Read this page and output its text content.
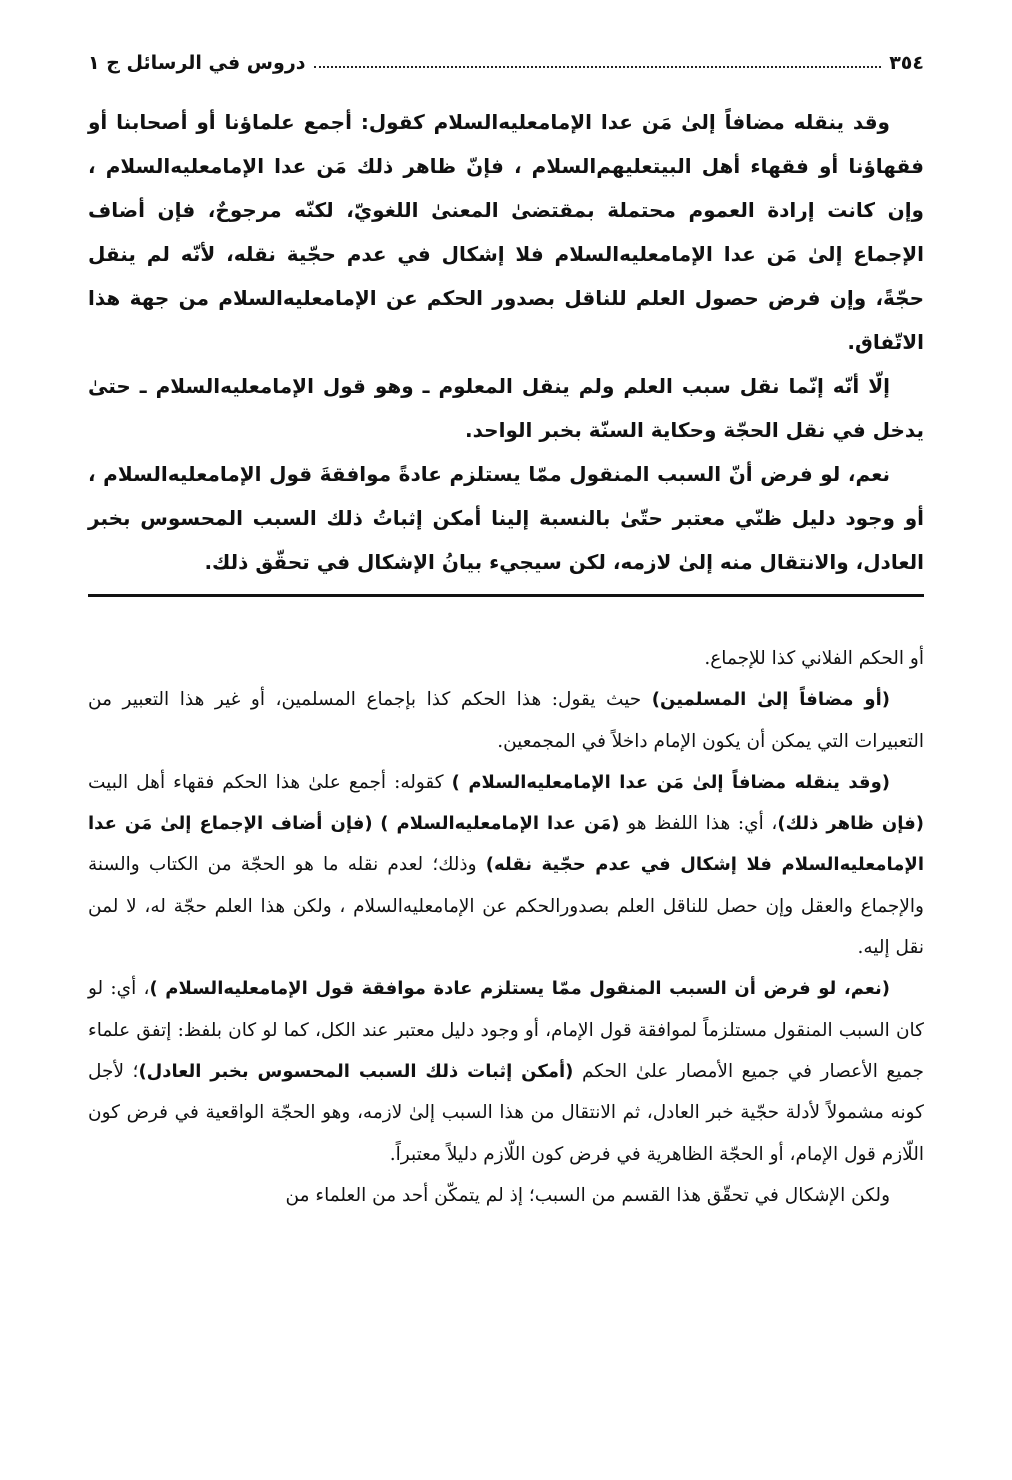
٣٥٤
دروس في الرسائل ج ١

وقد ينقله مضافاً إلىٰ مَن عدا الإمامعليه‌السلام كقول: أجمع علماؤنا أو أصحابنا أو فقهاؤنا أو فقهاء أهل البيتعليهم‌السلام ، فإنّ ظاهر ذلك مَن عدا الإمامعليه‌السلام ، وإن كانت إرادة العموم محتملة بمقتضىٰ المعنىٰ اللغويّ، لكنّه مرجوحٌ، فإن أضاف الإجماع إلىٰ مَن عدا الإمامعليه‌السلام فلا إشكال في عدم حجّية نقله، لأنّه لم ينقل حجّةً، وإن فرض حصول العلم للناقل بصدور الحكم عن الإمامعليه‌السلام من جهة هذا الاتّفاق.

إلّا أنّه إنّما نقل سبب العلم ولم ينقل المعلوم ـ وهو قول الإمامعليه‌السلام ـ حتىٰ يدخل في نقل الحجّة وحكاية السنّة بخبر الواحد.

نعم، لو فرض أنّ السبب المنقول ممّا يستلزم عادةً موافقةَ قول الإمامعليه‌السلام ، أو وجود دليل ظنّي معتبر حتّىٰ بالنسبة إلينا أمكن إثباتُ ذلك السبب المحسوس بخبر العادل، والانتقال منه إلىٰ لازمه، لكن سيجيء بيانُ الإشكال في تحقّق ذلك.

أو الحكم الفلاني كذا للإجماع.

(أو مضافاً إلىٰ المسلمين) حيث يقول: هذا الحكم كذا بإجماع المسلمين، أو غير هذا التعبير من التعبيرات التي يمكن أن يكون الإمام داخلاً في المجمعين.

(وقد ينقله مضافاً إلىٰ مَن عدا الإمامعليه‌السلام ) كقوله: أجمع علىٰ هذا الحكم فقهاء أهل البيت (فإن ظاهر ذلك)، أي: هذا اللفظ هو (مَن عدا الإمامعليه‌السلام ) (فإن أضاف الإجماع إلىٰ مَن عدا الإمامعليه‌السلام فلا إشكال في عدم حجّية نقله) وذلك؛ لعدم نقله ما هو الحجّة من الكتاب والسنة والإجماع والعقل وإن حصل للناقل العلم بصدورالحكم عن الإمامعليه‌السلام ، ولكن هذا العلم حجّة له، لا لمن نقل إليه.

(نعم، لو فرض أن السبب المنقول ممّا يستلزم عادة موافقة قول الإمامعليه‌السلام )، أي: لو كان السبب المنقول مستلزماً لموافقة قول الإمام، أو وجود دليل معتبر عند الكل، كما لو كان بلفظ: إتفق علماء جميع الأعصار في جميع الأمصار علىٰ الحكم (أمكن إثبات ذلك السبب المحسوس بخبر العادل)؛ لأجل كونه مشمولاً لأدلة حجّية خبر العادل، ثم الانتقال من هذا السبب إلىٰ لازمه، وهو الحجّة الواقعية في فرض كون اللّازم قول الإمام، أو الحجّة الظاهرية في فرض كون اللّازم دليلاً معتبراً.

ولكن الإشكال في تحقّق هذا القسم من السبب؛ إذ لم يتمكّن أحد من العلماء من
